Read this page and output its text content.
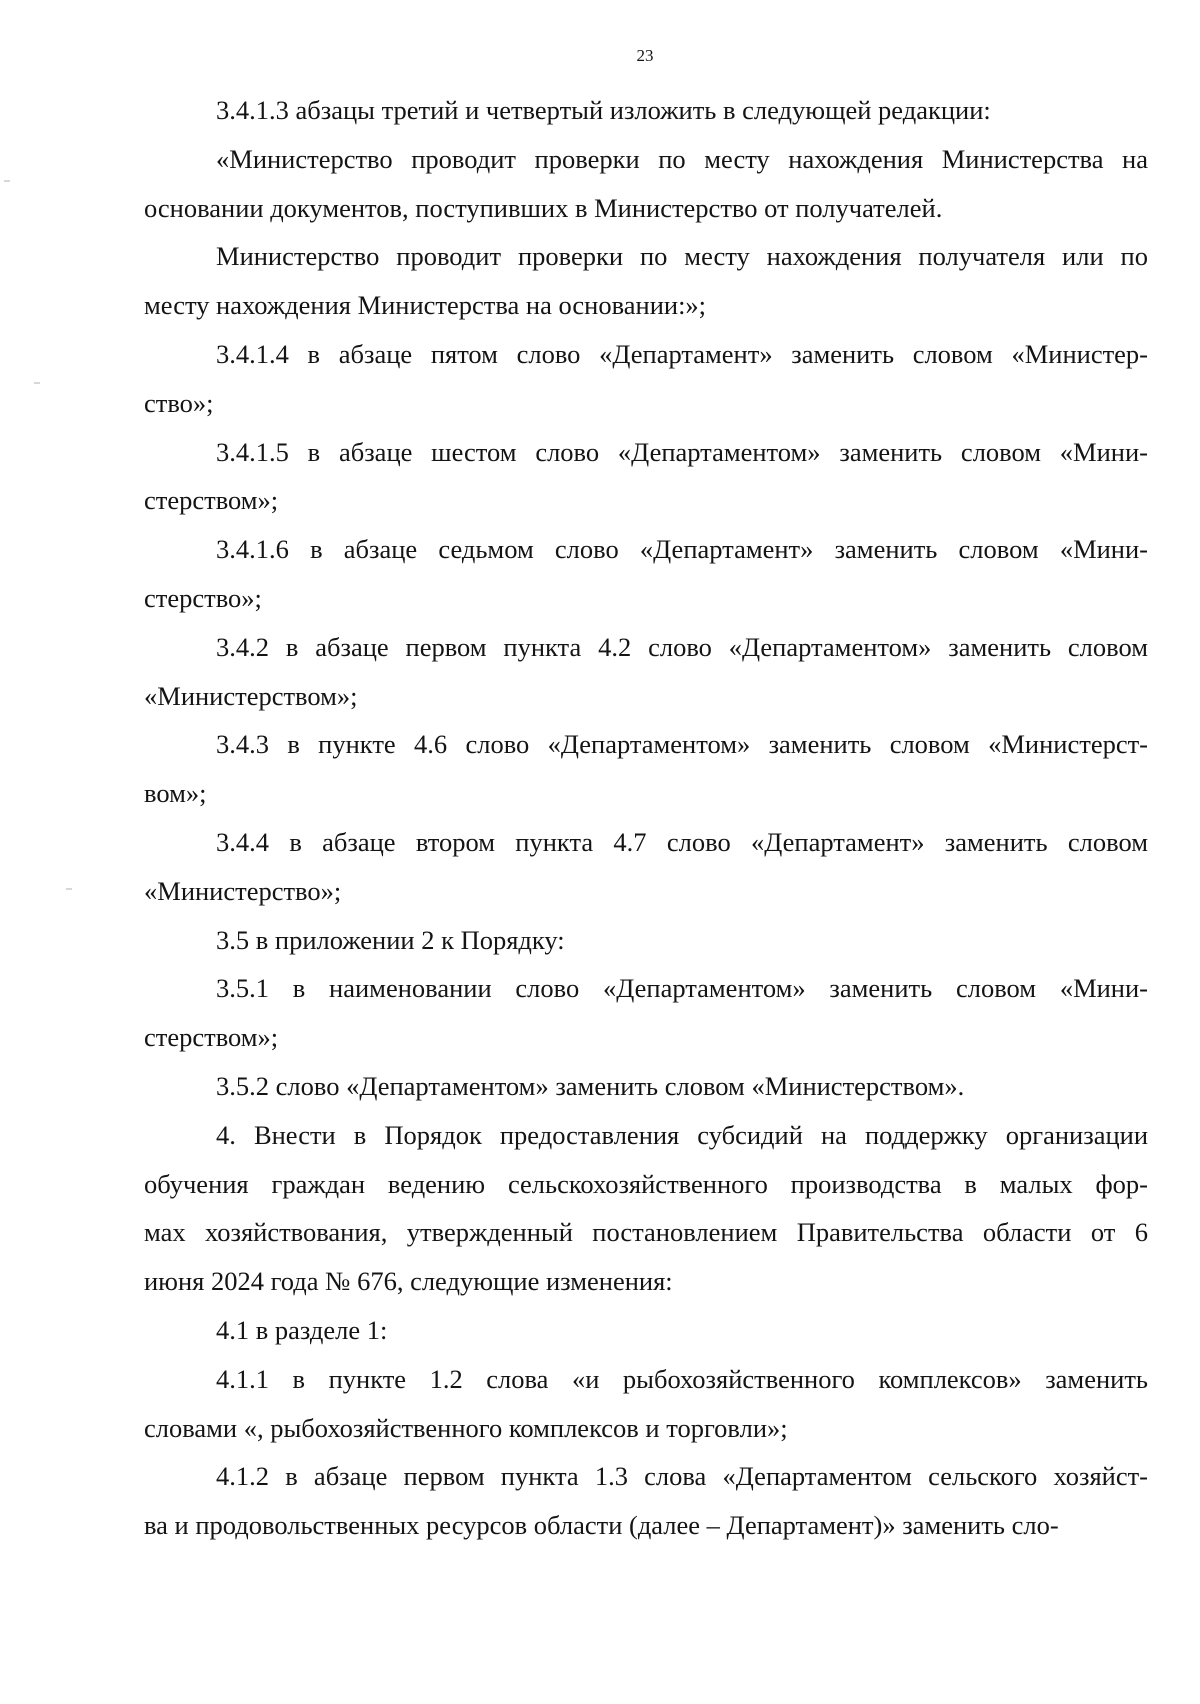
23

3.4.1.3 абзацы третий и четвертый изложить в следующей редакции:

«Министерство проводит проверки по месту нахождения Министерства на
основании документов, поступивших в Министерство от получателей.

Министерство проводит проверки по месту нахождения получателя или по
месту нахождения Министерства на основании:»;

3.4.1.4 в абзаце пятом слово «Департамент» заменить словом «Министер-
ство»;

3.4.1.5 в абзаце шестом слово «Департаментом» заменить словом «Мини-
стерством»;

3.4.1.6 в абзаце седьмом слово «Департамент» заменить словом «Мини-
стерство»;

3.4.2 в абзаце первом пункта 4.2 слово «Департаментом» заменить словом
«Министерством»;

3.4.3 в пункте 4.6 слово «Департаментом» заменить словом «Министерст-
вом»;

3.4.4 в абзаце втором пункта 4.7 слово «Департамент» заменить словом
«Министерство»;

3.5 в приложении 2 к Порядку:

3.5.1 в наименовании слово «Департаментом» заменить словом «Мини-
стерством»;

3.5.2 слово «Департаментом» заменить словом «Министерством».

4. Внести в Порядок предоставления субсидий на поддержку организации
обучения граждан ведению сельскохозяйственного производства в малых фор-
мах хозяйствования, утвержденный постановлением Правительства области от 6
июня 2024 года № 676, следующие изменения:

4.1 в разделе 1:

4.1.1 в пункте 1.2 слова «и рыбохозяйственного комплексов» заменить
словами «, рыбохозяйственного комплексов и торговли»;

4.1.2 в абзаце первом пункта 1.3 слова «Департаментом сельского хозяйст-
ва и продовольственных ресурсов области (далее – Департамент)» заменить сло-
